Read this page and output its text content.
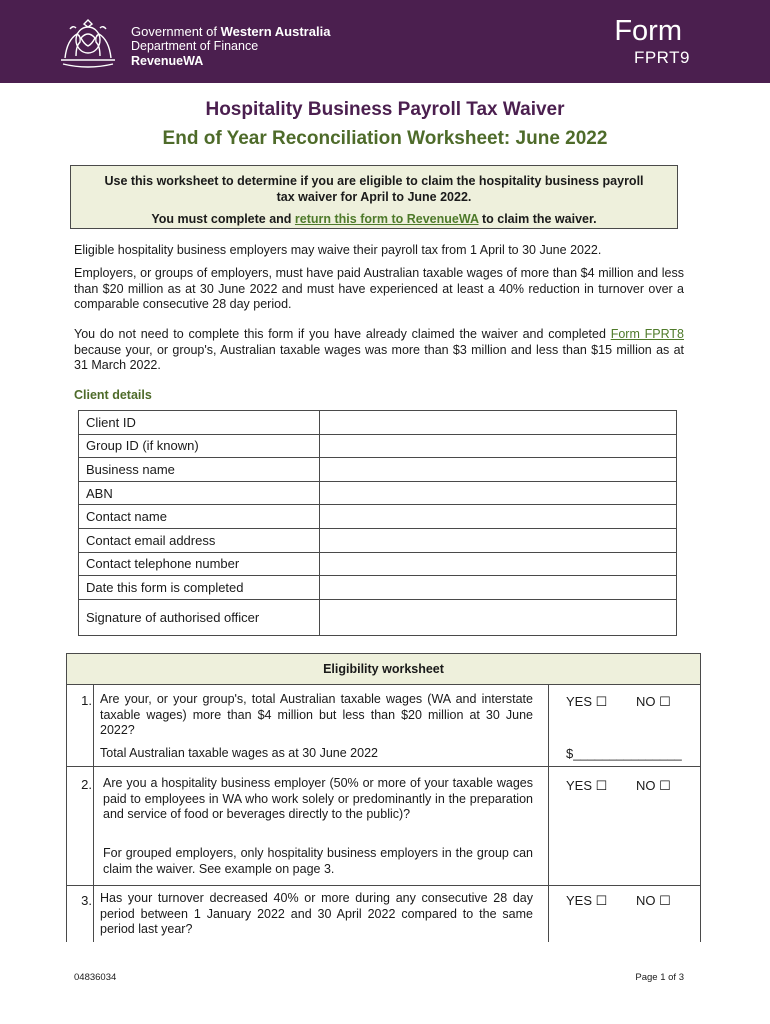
Government of Western Australia
Department of Finance
RevenueWA
Form
FPRT9
Hospitality Business Payroll Tax Waiver
End of Year Reconciliation Worksheet: June 2022
Use this worksheet to determine if you are eligible to claim the hospitality business payroll tax waiver for April to June 2022.
You must complete and return this form to RevenueWA to claim the waiver.
Eligible hospitality business employers may waive their payroll tax from 1 April to 30 June 2022.
Employers, or groups of employers, must have paid Australian taxable wages of more than $4 million and less than $20 million as at 30 June 2022 and must have experienced at least a 40% reduction in turnover over a comparable consecutive 28 day period.
You do not need to complete this form if you have already claimed the waiver and completed Form FPRT8 because your, or group's, Australian taxable wages was more than $3 million and less than $15 million as at 31 March 2022.
Client details
Client ID	
Group ID (if known)	
Business name	
ABN	
Contact name	
Contact email address	
Contact telephone number	
Date this form is completed	
Signature of authorised officer	
Eligibility worksheet
1. Are your, or your group's, total Australian taxable wages (WA and interstate taxable wages) more than $4 million but less than $20 million at 30 June 2022?
Total Australian taxable wages as at 30 June 2022
YES ☐ NO ☐
$_______________
2. Are you a hospitality business employer (50% or more of your taxable wages paid to employees in WA who work solely or predominantly in the preparation and service of food or beverages directly to the public)?
For grouped employers, only hospitality business employers in the group can claim the waiver. See example on page 3.
YES ☐ NO ☐
3. Has your turnover decreased 40% or more during any consecutive 28 day period between 1 January 2022 and 30 April 2022 compared to the same period last year?
YES ☐ NO ☐
04836034	Page 1 of 3
